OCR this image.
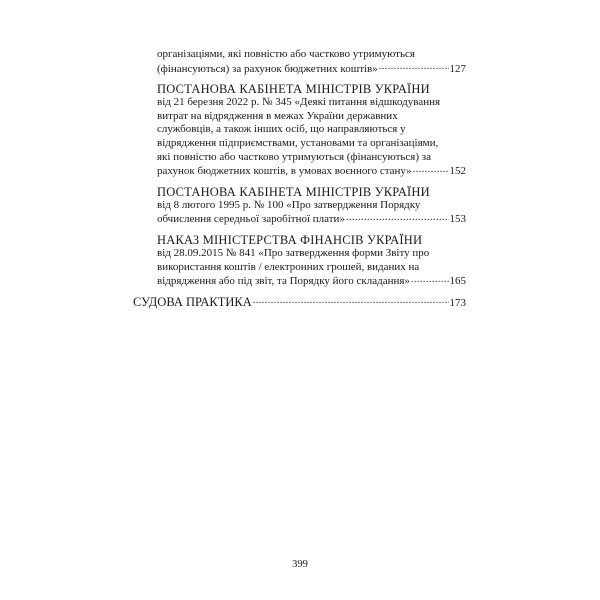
організаціями, які повністю або частково утримуються
(фінансуються) за рахунок бюджетних коштів» .....	127
ПОСТАНОВА КАБІНЕТА МІНІСТРІВ УКРАЇНИ
від 21 березня 2022 р. № 345 «Деякі питання відшкодування
витрат на відрядження в межах України державних
службовців, а також інших осіб, що направляються у
відрядження підприємствами, установами та організаціями,
які повністю або частково утримуються (фінансуються) за
рахунок бюджетних коштів, в умовах воєнного стану» .....	152
ПОСТАНОВА КАБІНЕТА МІНІСТРІВ УКРАЇНИ
від 8 лютого 1995 р. № 100 «Про затвердження Порядку
обчислення середньої заробітної плати» .....	153
НАКАЗ МІНІСТЕРСТВА ФІНАНСІВ УКРАЇНИ
від 28.09.2015 № 841 «Про затвердження форми Звіту про
використання коштів / електронних грошей, виданих на
відрядження або під звіт, та Порядку його складання» .....	165
СУДОВА ПРАКТИКА .....	173
399
